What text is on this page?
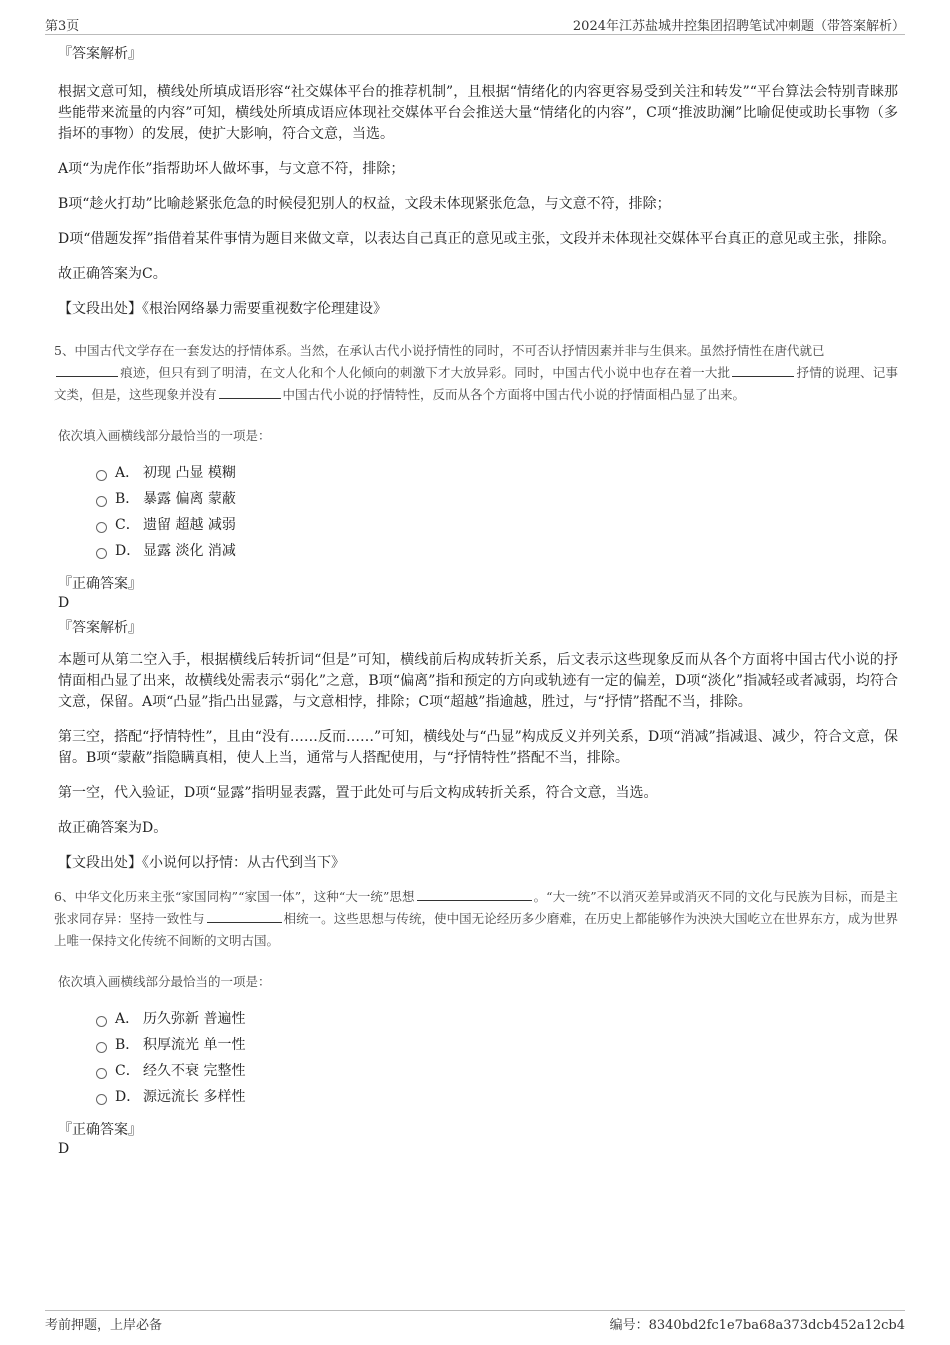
第3页	2024年江苏盐城井控集团招聘笔试冲刺题（带答案解析）
『答案解析』

根据文意可知，横线处所填成语形容“社交媒体平台的推荐机制”，且根据“情绪化的内容更容易受到关注和转发”“平台算法会特别青睐那些能带来流量的内容”可知，横线处所填成语应体现社交媒体平台会推送大量“情绪化的内容”，C项“推波助澜”比喻促使或助长事物（多指坏的事物）的发展，使扩大影响，符合文意，当选。

A项“为虎作伥”指帮助坏人做坏事，与文意不符，排除；

B项“趁火打劫”比喻趁紧张危急的时候侵犯别人的权益，文段未体现紧张危急，与文意不符，排除；

D项“借题发挥”指借着某件事情为题目来做文章，以表达自己真正的意见或主张，文段并未体现社交媒体平台真正的意见或主张，排除。

故正确答案为C。

【文段出处】《根治网络暴力需要重视数字伦理建设》

5、中国古代文学存在一套发达的抒情体系。当然，在承认古代小说抒情性的同时，不可否认抒情因素并非与生俱来。虽然抒情性在唐代就已
痕迹，但只有到了明清，在文人化和个人化倾向的刺激下才大放异彩。同时，中国古代小说中也存在着一大批	抒情的说理、记事文类，但是，这些现象并没有	中国古代小说的抒情特性，反而从各个方面将中国古代小说的抒情面相凸显了出来。

依次填入画横线部分最恰当的一项是：

A． 初现 凸显 模糊
B． 暴露 偏离 蒙蔽
C． 遗留 超越 减弱
D． 显露 淡化 消减
『正确答案』
D
『答案解析』

本题可从第二空入手，根据横线后转折词“但是”可知，横线前后构成转折关系，后文表示这些现象反而从各个方面将中国古代小说的抒情面相凸显了出来，故横线处需表示“弱化”之意，B项“偏离”指和预定的方向或轨迹有一定的偏差，D项“淡化”指减轻或者减弱，均符合文意，保留。A项“凸显”指凸出显露，与文意相悖，排除；C项“超越”指逾越，胜过，与“抒情”搭配不当，排除。

第三空，搭配“抒情特性”，且由“没有……反而……”可知，横线处与“凸显”构成反义并列关系，D项“消减”指减退、减少，符合文意，保留。B项“蒙蔽”指隐瞒真相，使人上当，通常与人搭配使用，与“抒情特性”搭配不当，排除。

第一空，代入验证，D项“显露”指明显表露，置于此处可与后文构成转折关系，符合文意，当选。

故正确答案为D。

【文段出处】《小说何以抒情：从古代到当下》

6、中华文化历来主张“家国同构”“家国一体”，这种“大一统”思想	。“大一统”不以消灭差异或消灭不同的文化与民族为目标，而是主张求同存异：坚持一致性与	相统一。这些思想与传统，使中国无论经历多少磨难，在历史上都能够作为泱泱大国屹立在世界东方，成为世界上唯一保持文化传统不间断的文明古国。

依次填入画横线部分最恰当的一项是：

A． 历久弥新 普遍性
B． 积厚流光 单一性
C． 经久不衰 完整性
D． 源远流长 多样性
『正确答案』
D
考前押题，上岸必备	编号：8340bd2fc1e7ba68a373dcb452a12cb4
